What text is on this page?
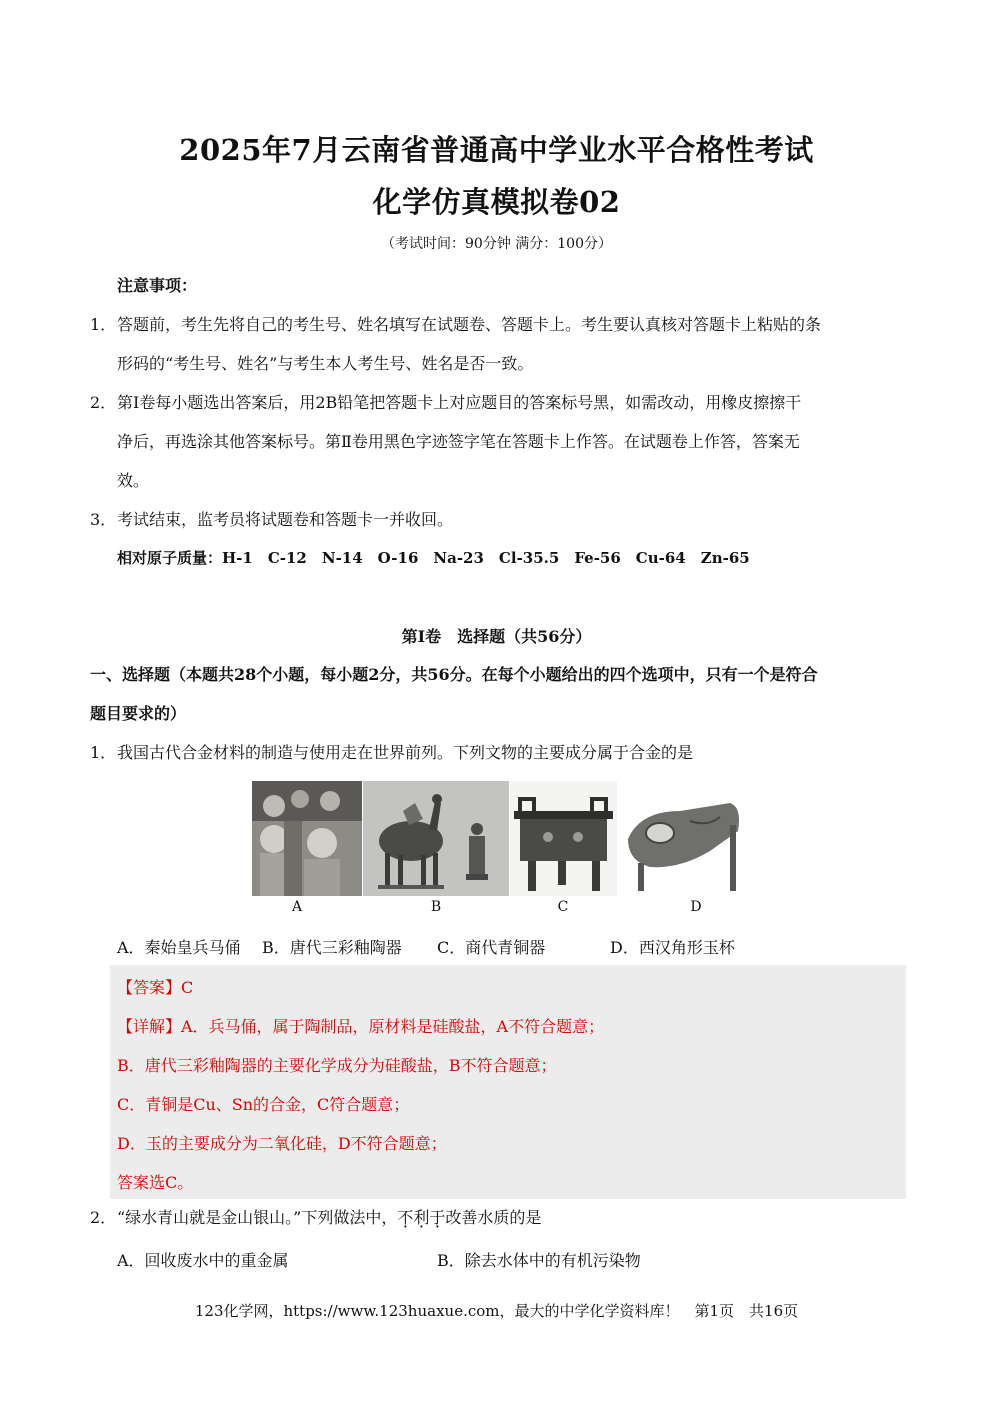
2025年7月云南省普通高中学业水平合格性考试
化学仿真模拟卷02
（考试时间：90分钟 满分：100分）
注意事项：
1． 答题前，考生先将自己的考生号、姓名填写在试题卷、答题卡上。考生要认真核对答题卡上粘贴的条
形码的“考生号、姓名”与考生本人考生号、姓名是否一致。
2． 第Ⅰ卷每小题选出答案后，用2B铅笔把答题卡上对应题目的答案标号黑，如需改动，用橡皮擦擦干
净后，再选涂其他答案标号。第Ⅱ卷用黑色字迹签字笔在答题卡上作答。在试题卷上作答，答案无
效。
3． 考试结束，监考员将试题卷和答题卡一并收回。
相对原子质量：H-1　C-12　N-14　O-16　Na-23　Cl-35.5　Fe-56　Cu-64　Zn-65
第Ⅰ卷　选择题（共56分）
一、选择题（本题共28个小题，每小题2分，共56分。在每个小题给出的四个选项中，只有一个是符合
题目要求的）
1． 我国古代合金材料的制造与使用走在世界前列。下列文物的主要成分属于合金的是
A	B	C	D
A．秦始皇兵马俑 B．唐代三彩釉陶器 C．商代青铜器	D．西汉角形玉杯
【答案】C
【详解】A．兵马俑，属于陶制品，原材料是硅酸盐，A不符合题意；
B．唐代三彩釉陶器的主要化学成分为硅酸盐，B不符合题意；
C．青铜是Cu、Sn的合金，C符合题意；
D．玉的主要成分为二氧化硅，D不符合题意；
答案选C。
2． “绿水青山就是金山银山。”下列做法中，不利于改善水质的是
A．回收废水中的重金属	B．除去水体中的有机污染物
123化学网，https://www.123huaxue.com，最大的中学化学资料库！　第1页　共16页
